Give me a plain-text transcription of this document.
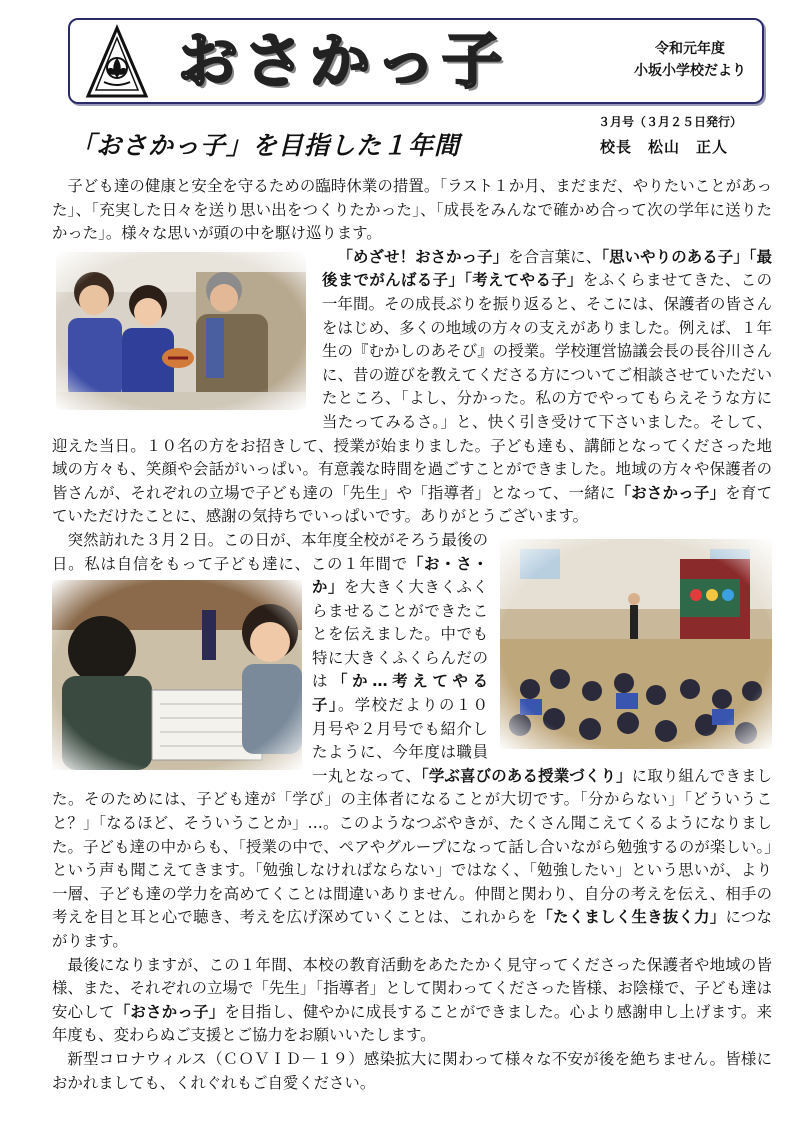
おさかっ子	令和元年度
小坂小学校だより
３月号（３月２５日発行）
「おさかっ子」を目指した１年間	校長　松山　正人

子ども達の健康と安全を守るための臨時休業の措置。「ラスト１か月、まだまだ、やりたいことがあった」、「充実した日々を送り思い出をつくりたかった」、「成長をみんなで確かめ合って次の学年に送りたかった」。様々な思いが頭の中を駆け巡ります。

「めざせ！おさかっ子」を合言葉に、「思いやりのある子」「最後までがんばる子」「考えてやる子」をふくらませてきた、この一年間。その成長ぶりを振り返ると、そこには、保護者の皆さんをはじめ、多くの地域の方々の支えがありました。例えば、１年生の『むかしのあそび』の授業。学校運営協議会長の長谷川さんに、昔の遊びを教えてくださる方についてご相談させていただいたところ、「よし、分かった。私の方でやってもらえそうな方に当たってみるさ。」と、快く引き受けて下さいました。そして、迎えた当日。１０名の方をお招きして、授業が始まりました。子ども達も、講師となってくださった地域の方々も、笑顔や会話がいっぱい。有意義な時間を過ごすことができました。地域の方々や保護者の皆さんが、それぞれの立場で子ども達の「先生」や「指導者」となって、一緒に「おさかっ子」を育てていただけたことに、感謝の気持ちでいっぱいです。ありがとうございます。

突然訪れた３月２日。この日が、本年度全校がそろう最後の日。私は自信をもって子ども達に、この１年間で「お・さ・か」
を大きく大きくふくらませることができたことを伝えました。中でも特に大きくふくらんだのは「か…考えてやる子」。学校だよりの１０月号や２月号でも紹介したように、今年度は職員一丸となって、「学ぶ喜びのある授業づくり」に取り組んできました。そのためには、子ども達が「学び」の主体者になることが大切です。「分からない」「どういうこと？」「なるほど、そういうことか」…。このようなつぶやきが、たくさん聞こえてくるようになりました。子ども達の中からも、「授業の中で、ペアやグループになって話し合いながら勉強するのが楽しい。」という声も聞こえてきます。「勉強しなければならない」ではなく、「勉強したい」という思いが、より一層、子ども達の学力を高めてくことは間違いありません。仲間と関わり、自分の考えを伝え、相手の考えを目と耳と心で聴き、考えを広げ深めていくことは、これからを「たくましく生き抜く力」につながります。

最後になりますが、この１年間、本校の教育活動をあたたかく見守ってくださった保護者や地域の皆様、また、それぞれの立場で「先生」「指導者」として関わってくださった皆様、お陰様で、子ども達は安心して「おさかっ子」を目指し、健やかに成長することができました。心より感謝申し上げます。来年度も、変わらぬご支援とご協力をお願いいたします。

新型コロナウィルス（ＣＯＶＩＤ－１９）感染拡大に関わって様々な不安が後を絶ちません。皆様におかれましても、くれぐれもご自愛ください。
